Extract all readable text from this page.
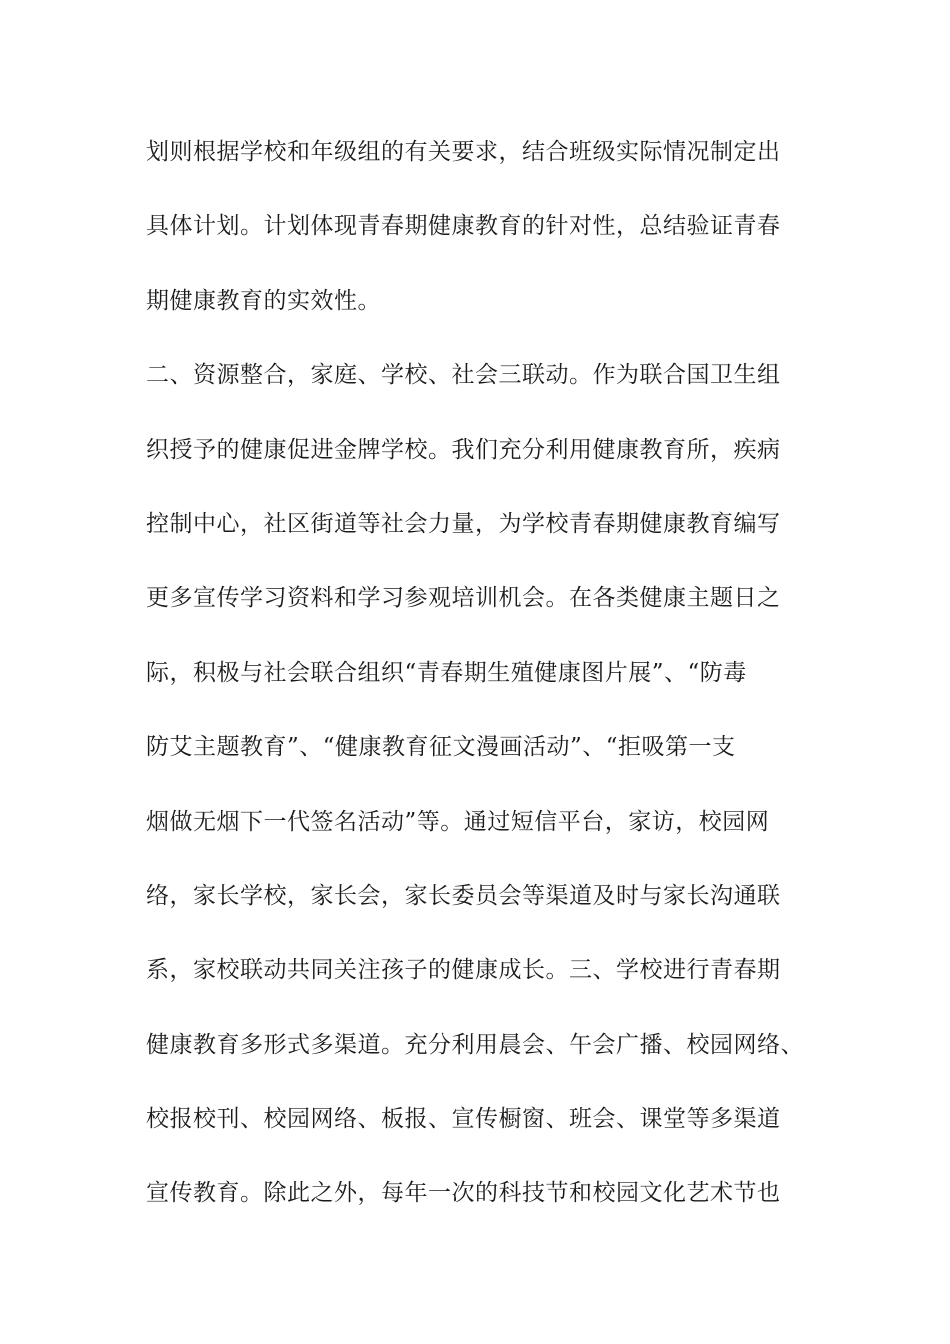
划则根据学校和年级组的有关要求，结合班级实际情况制定出
具体计划。计划体现青春期健康教育的针对性，总结验证青春
期健康教育的实效性。
二、资源整合，家庭、学校、社会三联动。作为联合国卫生组
织授予的健康促进金牌学校。我们充分利用健康教育所，疾病
控制中心，社区街道等社会力量，为学校青春期健康教育编写
更多宣传学习资料和学习参观培训机会。在各类健康主题日之
际，积极与社会联合组织“青春期生殖健康图片展”、“防毒
防艾主题教育”、“健康教育征文漫画活动”、“拒吸第一支
烟做无烟下一代签名活动”等。通过短信平台，家访，校园网
络，家长学校，家长会，家长委员会等渠道及时与家长沟通联
系，家校联动共同关注孩子的健康成长。三、学校进行青春期
健康教育多形式多渠道。充分利用晨会、午会广播、校园网络、
校报校刊、校园网络、板报、宣传橱窗、班会、课堂等多渠道
宣传教育。除此之外，每年一次的科技节和校园文化艺术节也
